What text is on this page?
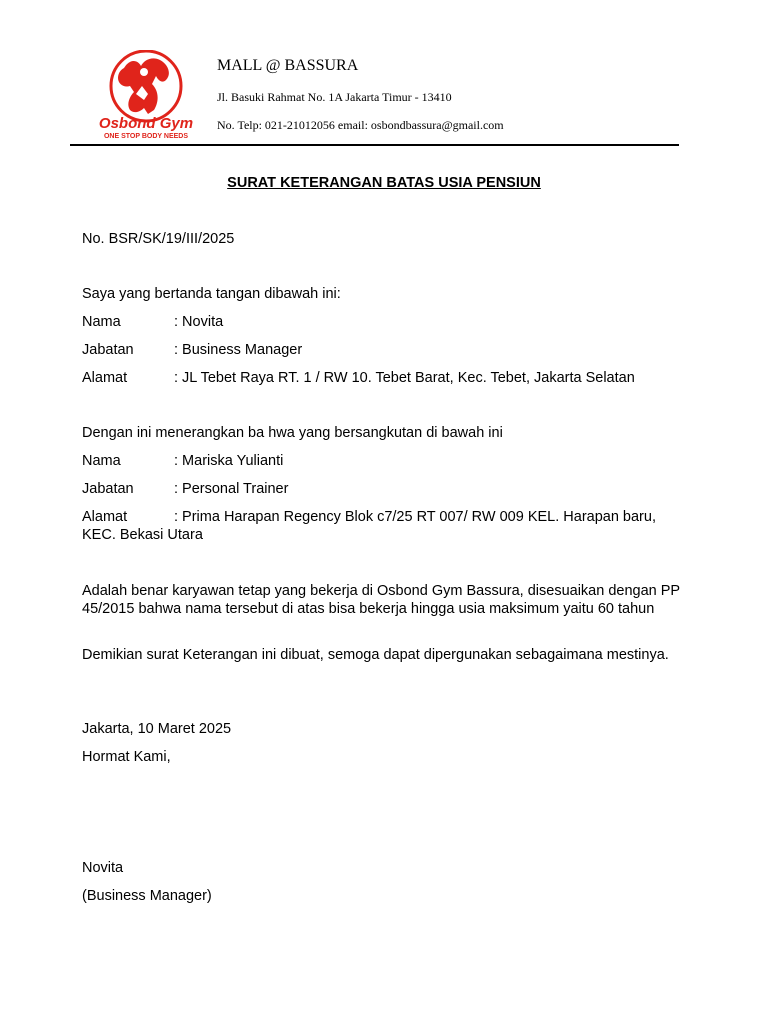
Osbond Gym
ONE STOP BODY NEEDS
MALL @ BASSURA
Jl. Basuki Rahmat No. 1A Jakarta Timur - 13410
No. Telp: 021-21012056 email: osbondbassura@gmail.com
SURAT KETERANGAN BATAS USIA PENSIUN
No. BSR/SK/19/III/2025
Saya yang bertanda tangan dibawah ini:
Nama	: Novita
Jabatan	: Business Manager
Alamat	: JL Tebet Raya RT. 1 / RW 10. Tebet Barat, Kec. Tebet, Jakarta Selatan
Dengan ini menerangkan ba hwa yang bersangkutan di bawah ini
Nama	: Mariska Yulianti
Jabatan	: Personal Trainer
Alamat	: Prima Harapan Regency Blok c7/25 RT 007/ RW 009 KEL. Harapan baru,
KEC. Bekasi Utara
Adalah benar karyawan tetap yang bekerja di Osbond Gym Bassura, disesuaikan dengan PP 45/2015 bahwa nama tersebut di atas bisa bekerja hingga usia maksimum yaitu 60 tahun
Demikian surat Keterangan ini dibuat, semoga dapat dipergunakan sebagaimana mestinya.
Jakarta, 10 Maret 2025
Hormat Kami,
Novita
(Business Manager)
